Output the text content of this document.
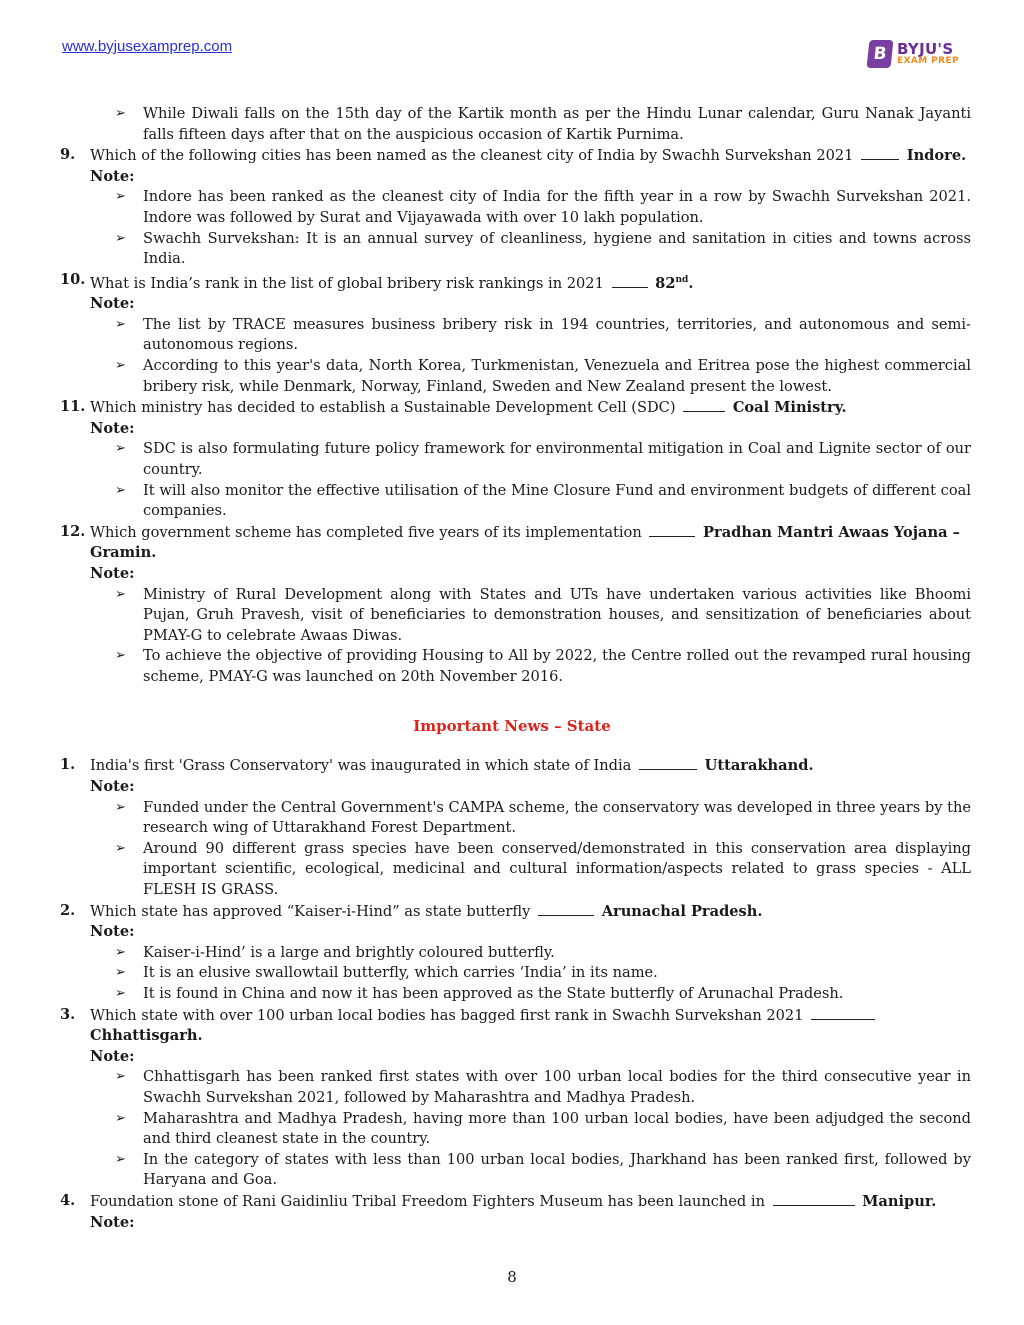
www.byjusexamprep.com	B BYJU'S
EXAM PREP
➢ While Diwali falls on the 15th day of the Kartik month as per the Hindu Lunar calendar, Guru Nanak Jayanti falls fifteen days after that on the auspicious occasion of Kartik Purnima.
9. Which of the following cities has been named as the cleanest city of India by Swachh Survekshan 2021	Indore.
Note:
➢ Indore has been ranked as the cleanest city of India for the fifth year in a row by Swachh Survekshan 2021. Indore was followed by Surat and Vijayawada with over 10 lakh population.
➢ Swachh Survekshan: It is an annual survey of cleanliness, hygiene and sanitation in cities and towns across India.
10. What is India’s rank in the list of global bribery risk rankings in 2021	82nd.
Note:
➢ The list by TRACE measures business bribery risk in 194 countries, territories, and autonomous and semi-autonomous regions.
➢ According to this year's data, North Korea, Turkmenistan, Venezuela and Eritrea pose the highest commercial bribery risk, while Denmark, Norway, Finland, Sweden and New Zealand present the lowest.
11. Which ministry has decided to establish a Sustainable Development Cell (SDC)	Coal Ministry.
Note:
➢ SDC is also formulating future policy framework for environmental mitigation in Coal and Lignite sector of our country.
➢ It will also monitor the effective utilisation of the Mine Closure Fund and environment budgets of different coal companies.
12. Which government scheme has completed five years of its implementation	Pradhan Mantri Awaas Yojana – Gramin.
Note:
➢ Ministry of Rural Development along with States and UTs have undertaken various activities like Bhoomi Pujan, Gruh Pravesh, visit of beneficiaries to demonstration houses, and sensitization of beneficiaries about PMAY-G to celebrate Awaas Diwas.
➢ To achieve the objective of providing Housing to All by 2022, the Centre rolled out the revamped rural housing scheme, PMAY-G was launched on 20th November 2016.
Important News – State
1. India's first 'Grass Conservatory' was inaugurated in which state of India	Uttarakhand.
Note:
➢ Funded under the Central Government's CAMPA scheme, the conservatory was developed in three years by the research wing of Uttarakhand Forest Department.
➢ Around 90 different grass species have been conserved/demonstrated in this conservation area displaying important scientific, ecological, medicinal and cultural information/aspects related to grass species - ALL FLESH IS GRASS.
2. Which state has approved “Kaiser-i-Hind” as state butterfly	Arunachal Pradesh.
Note:
➢ Kaiser-i-Hind’ is a large and brightly coloured butterfly.
➢ It is an elusive swallowtail butterfly, which carries ‘India’ in its name.
➢ It is found in China and now it has been approved as the State butterfly of Arunachal Pradesh.
3. Which state with over 100 urban local bodies has bagged first rank in Swachh Survekshan 2021  Chhattisgarh.
Note:
➢ Chhattisgarh has been ranked first states with over 100 urban local bodies for the third consecutive year in Swachh Survekshan 2021, followed by Maharashtra and Madhya Pradesh.
➢ Maharashtra and Madhya Pradesh, having more than 100 urban local bodies, have been adjudged the second and third cleanest state in the country.
➢ In the category of states with less than 100 urban local bodies, Jharkhand has been ranked first, followed by Haryana and Goa.
4. Foundation stone of Rani Gaidinliu Tribal Freedom Fighters Museum has been launched in	Manipur.
Note:
8
